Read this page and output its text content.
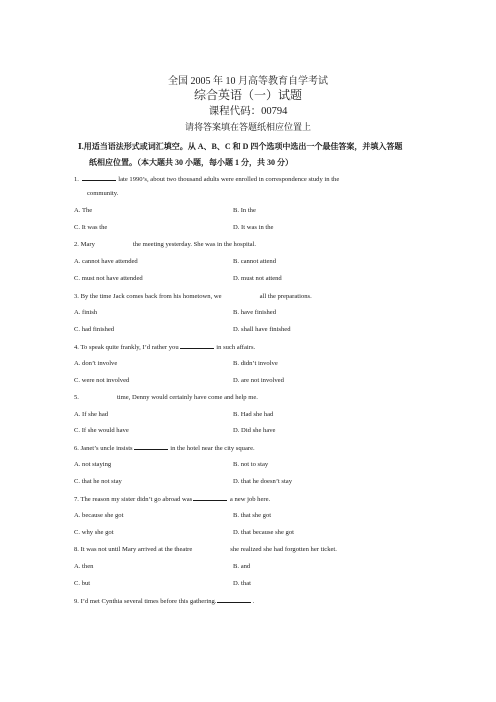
全国 2005 年 10 月高等教育自学考试
综合英语（一）试题
课程代码：00794
请将答案填在答题纸相应位置上
Ⅰ.用适当语法形式或词汇填空。从 A、B、C 和 D 四个选项中选出一个最佳答案，并填入答题
纸相应位置。（本大题共 30 小题，每小题 1 分，共 30 分）
1.	late 1990’s, about two thousand adults were enrolled in correspondence study in the
community.
A. The	B. In the
C. It was the	D. It was in the
2. Mary	the meeting yesterday. She was in the hospital.
A. cannot have attended	B. cannot attend
C. must not have attended	D. must not attend
3. By the time Jack comes back from his hometown, we	all the preparations.
A. finish	B. have finished
C. had finished	D. shall have finished
4. To speak quite frankly, I’d rather you	in such affairs.
A. don’t involve	B. didn’t involve
C. were not involved	D. are not involved
5.	time, Denny would certainly have come and help me.
A. If she had	B. Had she had
C. If she would have	D. Did she have
6. Janet’s uncle insists	in the hotel near the city square.
A. not staying	B. not to stay
C. that he not stay	D. that he doesn’t stay
7. The reason my sister didn’t go abroad was	a new job here.
A. because she got	B. that she got
C. why she got	D. that because she got
8. It was not until Mary arrived at the theatre	she realized she had forgotten her ticket.
A. then	B. and
C. but	D. that
9. I’d met Cynthia several times before this gathering.	.
